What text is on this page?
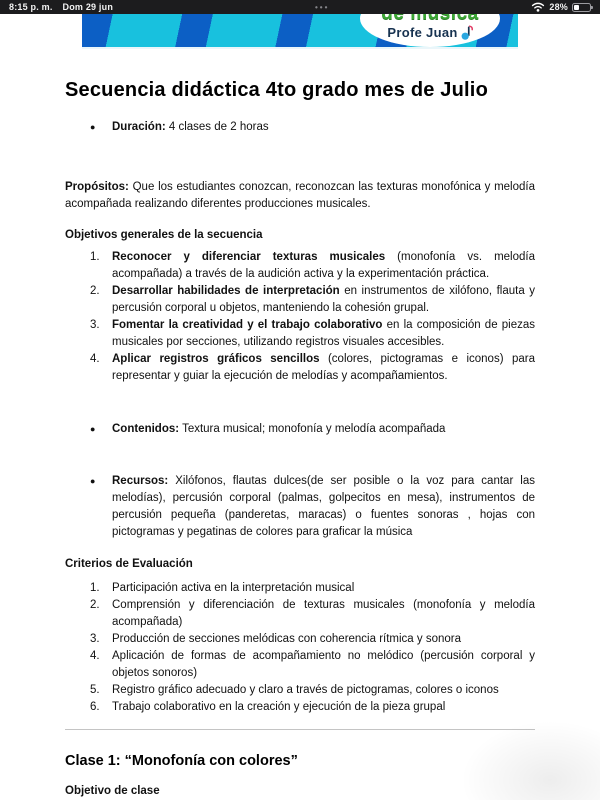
8:15 p. m. Dom 29 jun	•••	28%
Profe Juan
Secuencia didáctica 4to grado mes de Julio
●	Duración: 4 clases de 2 horas

Propósitos: Que los estudiantes conozcan, reconozcan las texturas monofónica y melodía acompañada realizando diferentes producciones musicales.

Objetivos generales de la secuencia
1.	Reconocer y diferenciar texturas musicales (monofonía vs. melodía acompañada) a través de la audición activa y la experimentación práctica.

2.	Desarrollar habilidades de interpretación en instrumentos de xilófono, flauta y percusión corporal u objetos, manteniendo la cohesión grupal.

3.	Fomentar la creatividad y el trabajo colaborativo en la composición de piezas musicales por secciones, utilizando registros visuales accesibles.

4.	Aplicar registros gráficos sencillos (colores, pictogramas e iconos) para representar y guiar la ejecución de melodías y acompañamientos.

●	Contenidos: Textura musical; monofonía y melodía acompañada

●	Recursos: Xilófonos, flautas dulces(de ser posible o la voz para cantar las melodías), percusión corporal (palmas, golpecitos en mesa), instrumentos de percusión pequeña (panderetas, maracas) o fuentes sonoras , hojas con pictogramas y pegatinas de colores para graficar la música

Criterios de Evaluación
1.	Participación activa en la interpretación musical

2.	Comprensión y diferenciación de texturas musicales (monofonía y melodía acompañada)

3.	Producción de secciones melódicas con coherencia rítmica y sonora

4.	Aplicación de formas de acompañamiento no melódico (percusión corporal y objetos sonoros)

5.	Registro gráfico adecuado y claro a través de pictogramas, colores o iconos

6.	Trabajo colaborativo en la creación y ejecución de la pieza grupal

Clase 1: “Monofonía con colores”
Objetivo de clase
